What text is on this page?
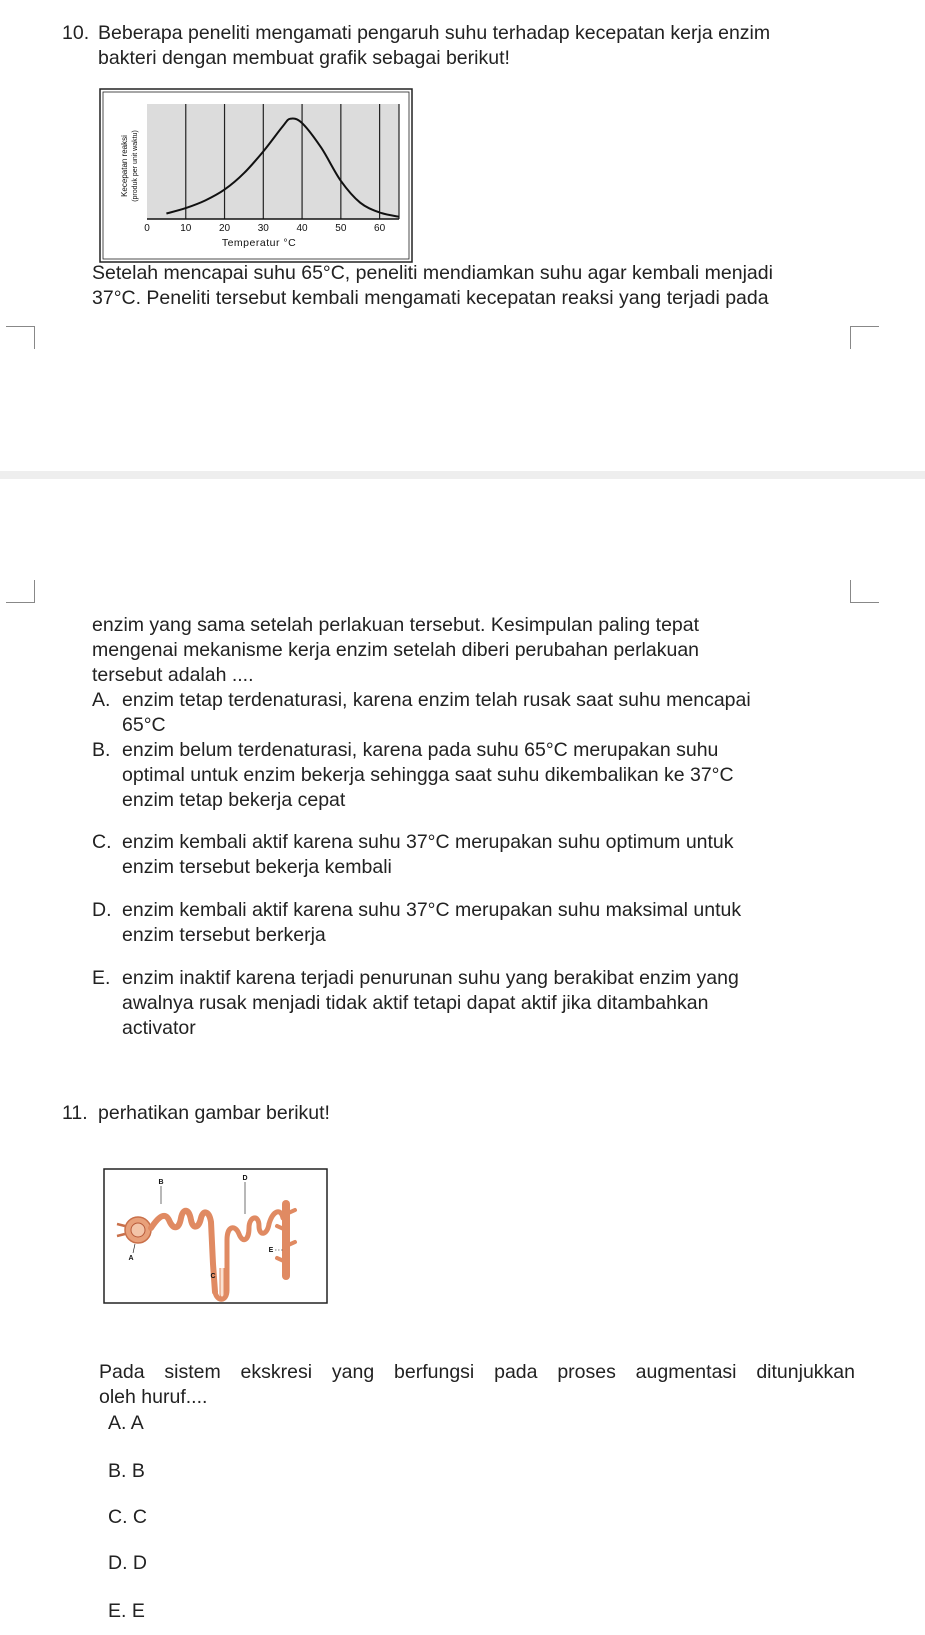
10. Beberapa peneliti mengamati pengaruh suhu terhadap kecepatan kerja enzim
bakteri dengan membuat grafik sebagai berikut!
0	10	20	30	40	50	60
Temperatur °C
Kecepatan reaksi (produk per unit waktu)
Setelah mencapai suhu 65°C, peneliti mendiamkan suhu agar kembali menjadi
37°C. Peneliti tersebut kembali mengamati kecepatan reaksi yang terjadi pada
enzim yang sama setelah perlakuan tersebut. Kesimpulan paling tepat
mengenai mekanisme kerja enzim setelah diberi perubahan perlakuan
tersebut adalah ....
A. enzim tetap terdenaturasi, karena enzim telah rusak saat suhu mencapai
65°C
B. enzim belum terdenaturasi, karena pada suhu 65°C merupakan suhu
optimal untuk enzim bekerja sehingga saat suhu dikembalikan ke 37°C
enzim tetap bekerja cepat
C. enzim kembali aktif karena suhu 37°C merupakan suhu optimum untuk
enzim tersebut bekerja kembali
D. enzim kembali aktif karena suhu 37°C merupakan suhu maksimal untuk
enzim tersebut berkerja
E. enzim inaktif karena terjadi penurunan suhu yang berakibat enzim yang
awalnya rusak menjadi tidak aktif tetapi dapat aktif jika ditambahkan
activator
11. perhatikan gambar berikut!
B
D
A
C
E
Pada sistem ekskresi yang berfungsi pada proses augmentasi ditunjukkan
oleh huruf....
A. A
B. B
C. C
D. D
E. E
